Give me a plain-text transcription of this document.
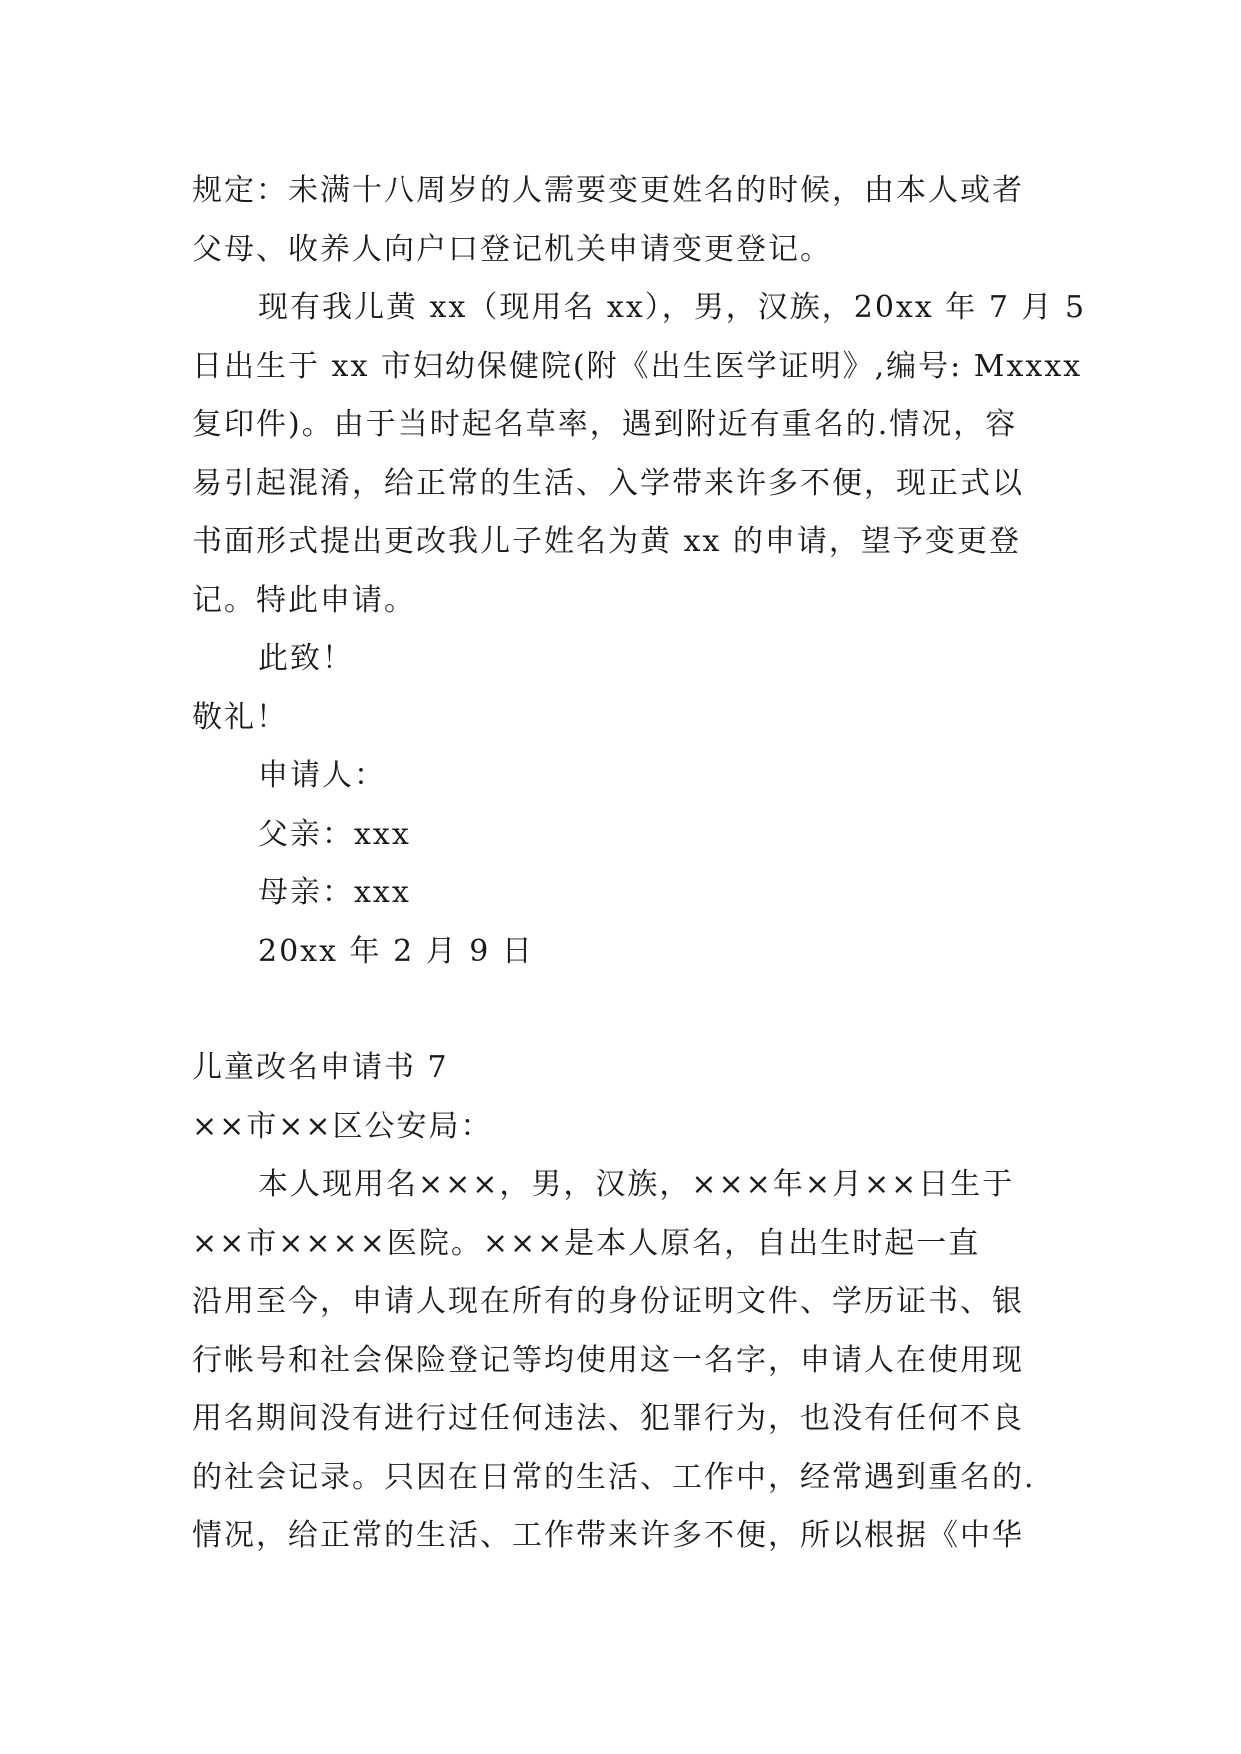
规定：未满十八周岁的人需要变更姓名的时候，由本人或者
父母、收养人向户口登记机关申请变更登记。
现有我儿黄 xx（现用名 xx），男，汉族，20xx 年 7 月 5
日出生于 xx 市妇幼保健院(附《出生医学证明》,编号: Mxxxx
复印件)。由于当时起名草率，遇到附近有重名的.情况，容
易引起混淆，给正常的生活、入学带来许多不便，现正式以
书面形式提出更改我儿子姓名为黄 xx 的申请，望予变更登
记。特此申请。
此致！
敬礼！
申请人：
父亲：xxx
母亲：xxx
20xx 年 2 月 9 日
儿童改名申请书 7
××市××区公安局：
本人现用名×××，男，汉族，×××年×月××日生于
××市××××医院。×××是本人原名，自出生时起一直
沿用至今，申请人现在所有的身份证明文件、学历证书、银
行帐号和社会保险登记等均使用这一名字，申请人在使用现
用名期间没有进行过任何违法、犯罪行为，也没有任何不良
的社会记录。只因在日常的生活、工作中，经常遇到重名的.
情况，给正常的生活、工作带来许多不便，所以根据《中华
